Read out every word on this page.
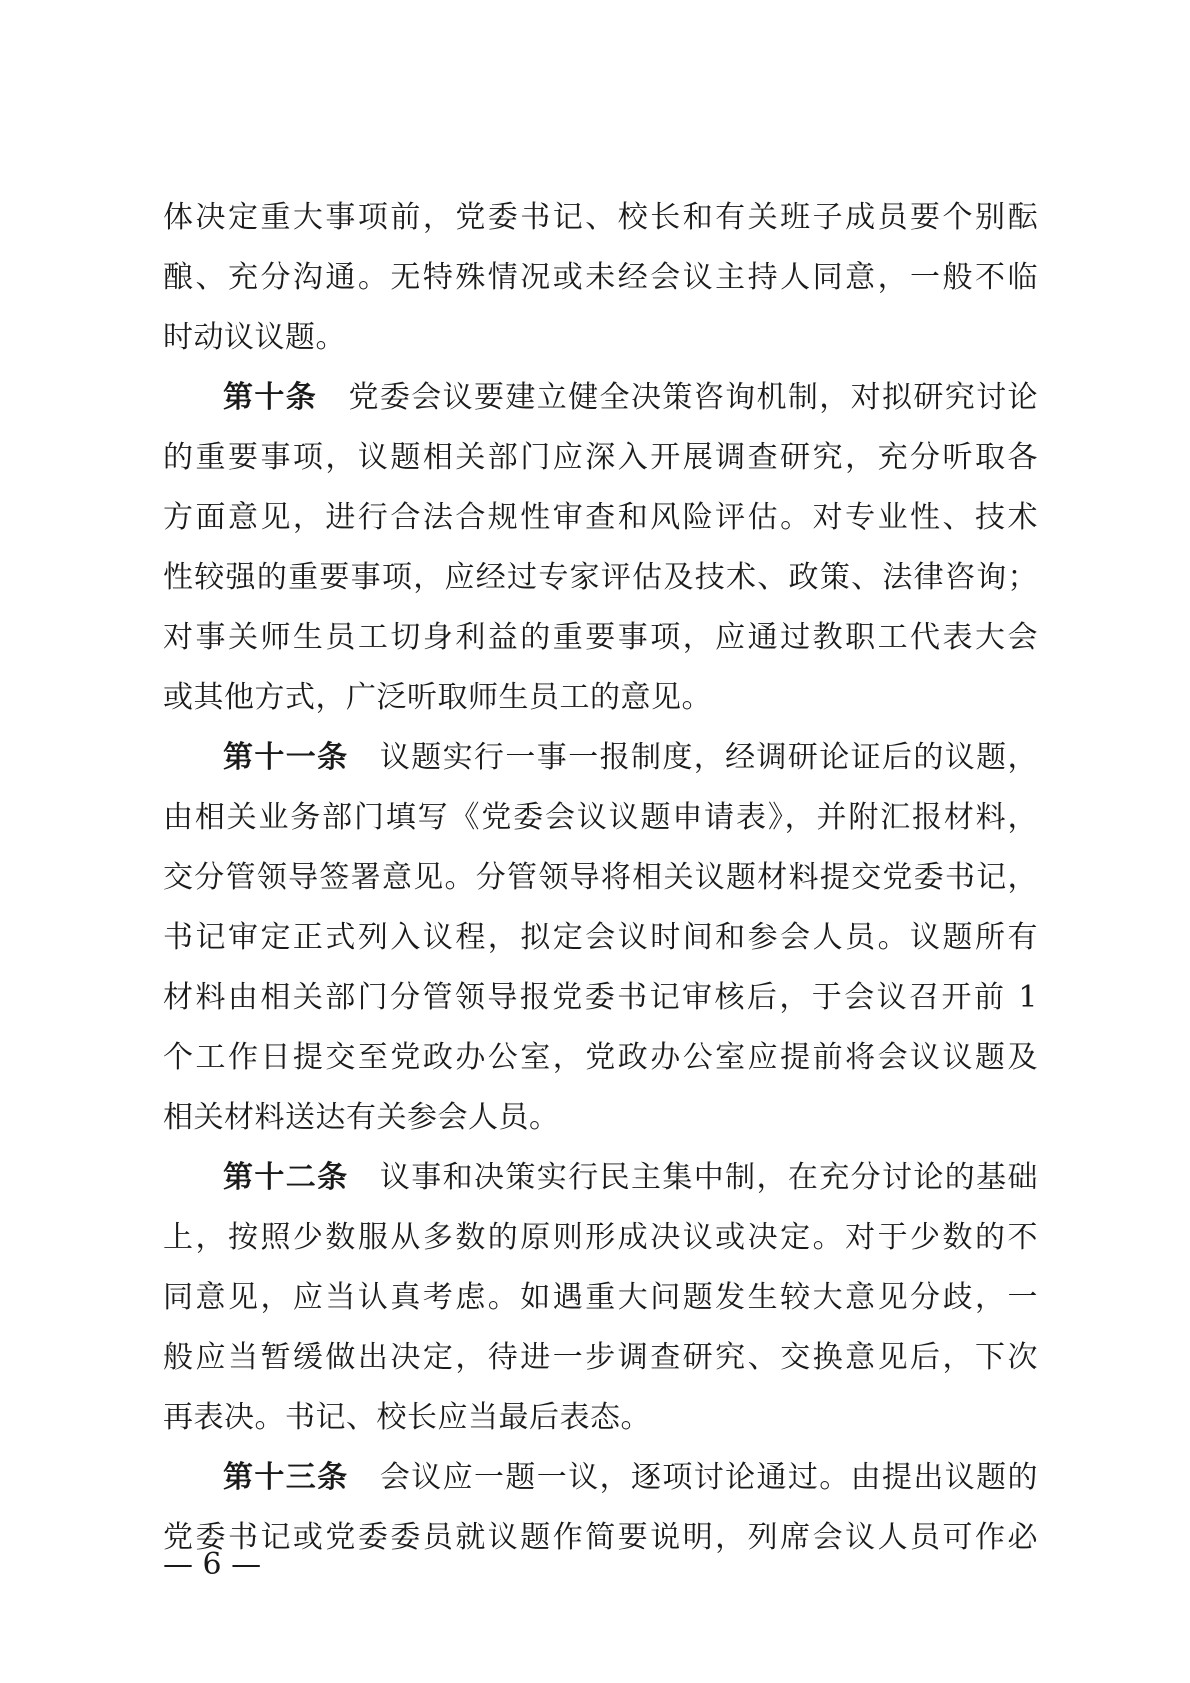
体决定重大事项前，党委书记、校长和有关班子成员要个别酝
酿、充分沟通。无特殊情况或未经会议主持人同意，一般不临
时动议议题。
第十条  党委会议要建立健全决策咨询机制，对拟研究讨论
的重要事项，议题相关部门应深入开展调查研究，充分听取各
方面意见，进行合法合规性审查和风险评估。对专业性、技术
性较强的重要事项，应经过专家评估及技术、政策、法律咨询；
对事关师生员工切身利益的重要事项，应通过教职工代表大会
或其他方式，广泛听取师生员工的意见。
第十一条  议题实行一事一报制度，经调研论证后的议题，
由相关业务部门填写《党委会议议题申请表》，并附汇报材料，
交分管领导签署意见。分管领导将相关议题材料提交党委书记，
书记审定正式列入议程，拟定会议时间和参会人员。议题所有
材料由相关部门分管领导报党委书记审核后，于会议召开前 1
个工作日提交至党政办公室，党政办公室应提前将会议议题及
相关材料送达有关参会人员。
第十二条  议事和决策实行民主集中制，在充分讨论的基础
上，按照少数服从多数的原则形成决议或决定。对于少数的不
同意见，应当认真考虑。如遇重大问题发生较大意见分歧，一
般应当暂缓做出决定，待进一步调查研究、交换意见后，下次
再表决。书记、校长应当最后表态。
第十三条  会议应一题一议，逐项讨论通过。由提出议题的
党委书记或党委委员就议题作简要说明，列席会议人员可作必
— 6 —
